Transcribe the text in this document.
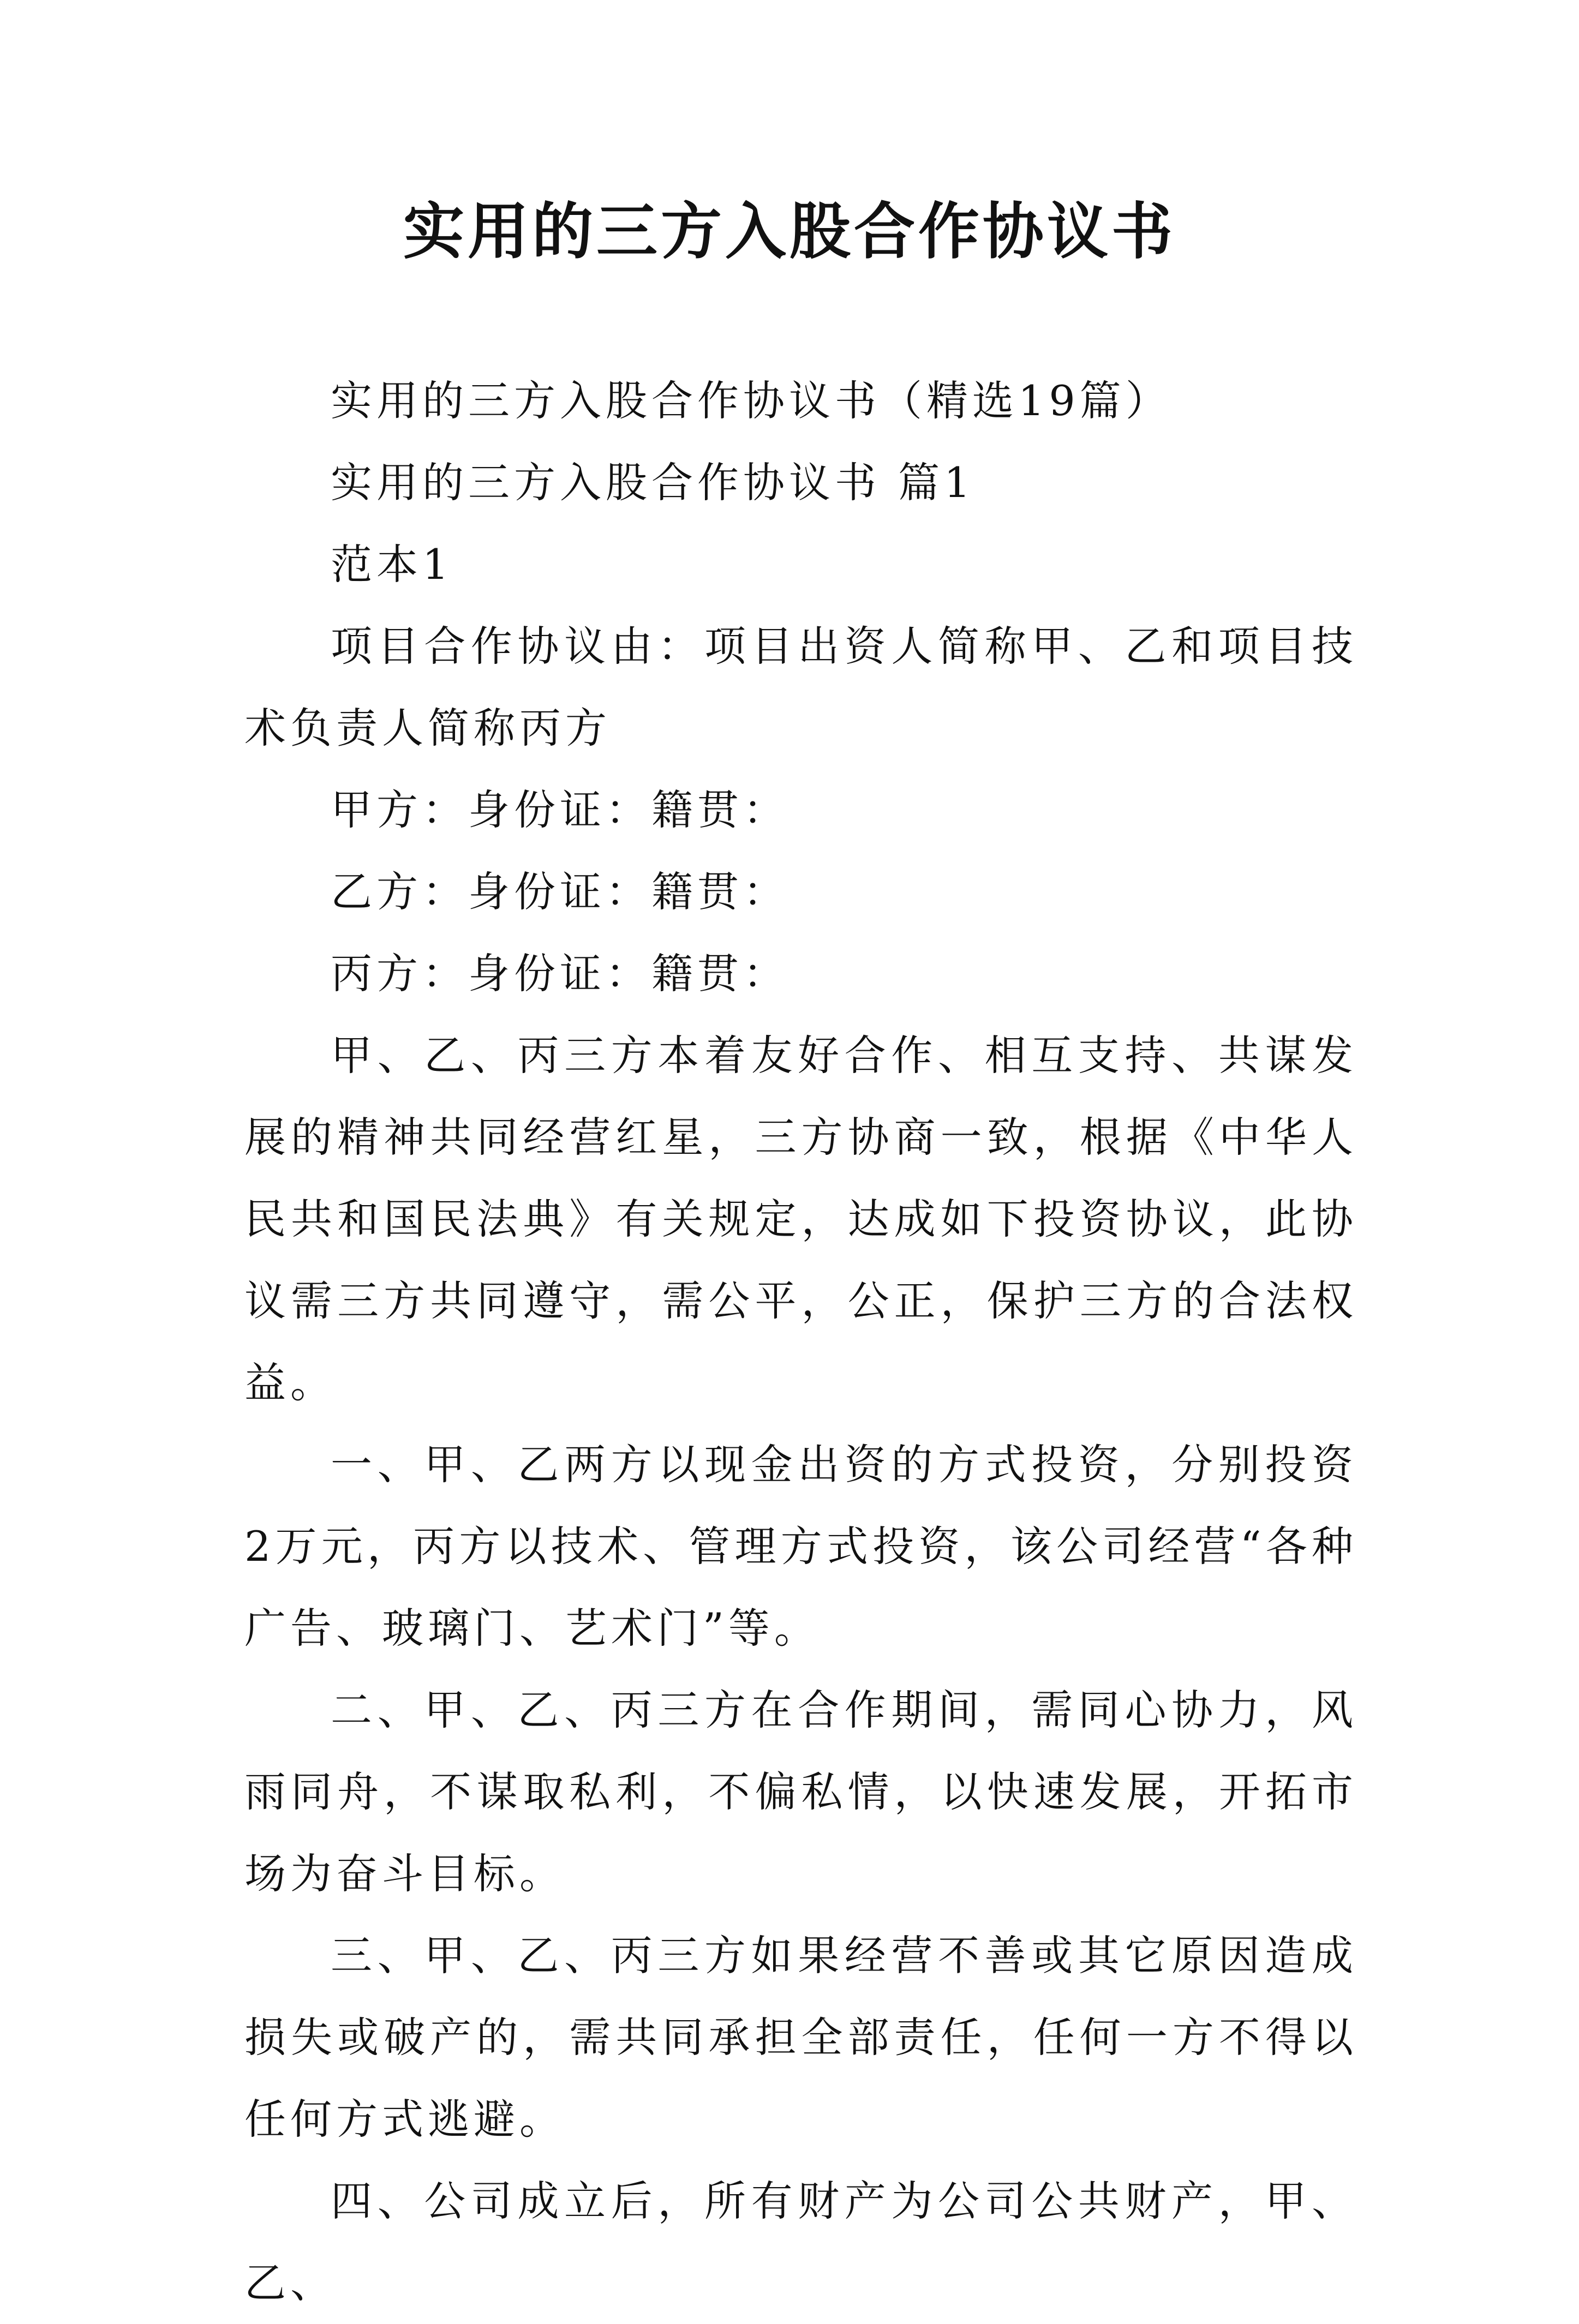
实用的三方入股合作协议书

实用的三方入股合作协议书（精选19篇）

实用的三方入股合作协议书 篇1

范本1

项目合作协议由：项目出资人简称甲、乙和项目技术负责人简称丙方

甲方：身份证：籍贯：

乙方：身份证：籍贯：

丙方：身份证：籍贯：

甲、乙、丙三方本着友好合作、相互支持、共谋发展的精神共同经营红星，三方协商一致，根据《中华人民共和国民法典》有关规定，达成如下投资协议，此协议需三方共同遵守，需公平，公正，保护三方的合法权益。

一、甲、乙两方以现金出资的方式投资，分别投资2万元，丙方以技术、管理方式投资，该公司经营“各种广告、玻璃门、艺术门”等。

二、甲、乙、丙三方在合作期间，需同心协力，风雨同舟，不谋取私利，不偏私情，以快速发展，开拓市场为奋斗目标。

三、甲、乙、丙三方如果经营不善或其它原因造成损失或破产的，需共同承担全部责任，任何一方不得以任何方式逃避。

四、公司成立后，所有财产为公司公共财产，甲、乙、
